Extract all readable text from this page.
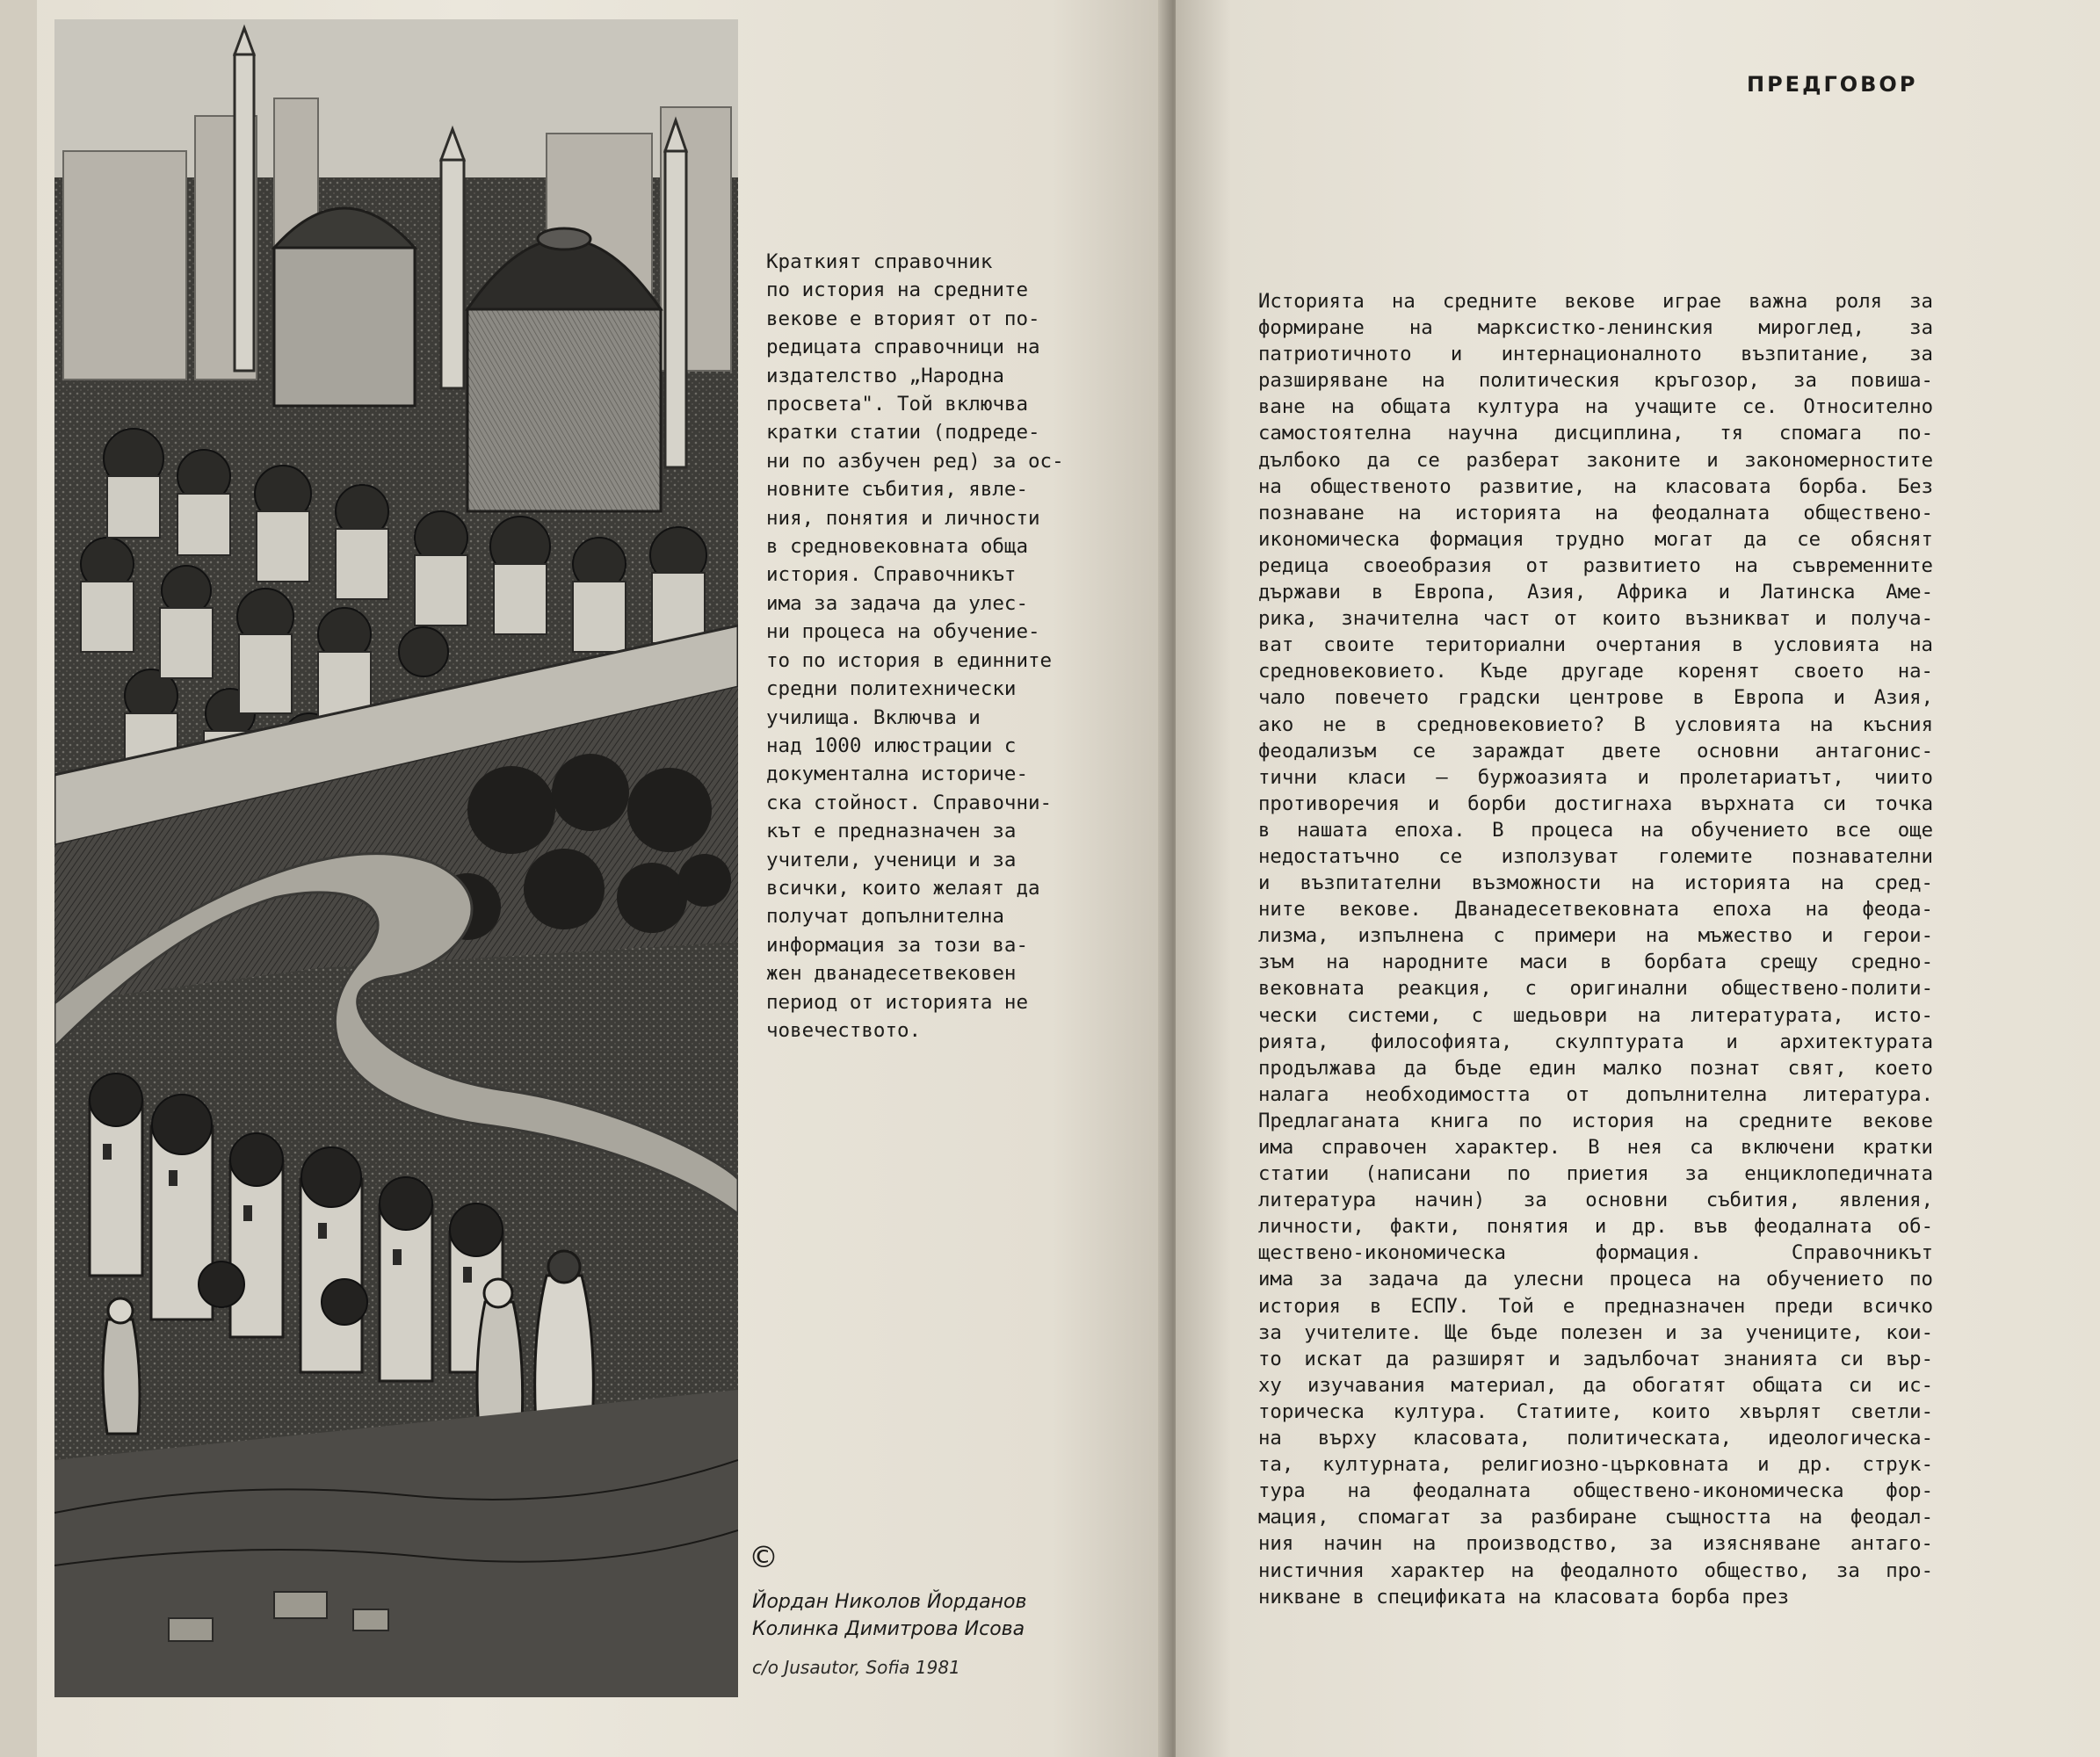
Краткият справочник
по история на средните
векове е вторият от по-
редицата справочници на
издателство „Народна
просвета". Той включва
кратки статии (подреде-
ни по азбучен ред) за ос-
новните събития, явле-
ния, понятия и личности
в средновековната обща
история. Справочникът
има за задача да улес-
ни процеса на обучение-
то по история в единните
средни политехнически
училища. Включва и
над 1000 илюстрации с
документална историче-
ска стойност. Справочни-
кът е предназначен за
учители, ученици и за
всички, които желаят да
получат допълнителна
информация за този ва-
жен дванадесетвековен
период от историята не
човечеството.
©
Йордан Николов Йорданов
Колинка Димитрова Исова
c/o Jusautor, Sofia 1981
ПРЕДГОВОР
Историята на средните векове играе важна роля за
формиране на марксистко-ленинския мироглед, за
патриотичното и интернационалното възпитание, за
разширяване на политическия кръгозор, за повиша-
ване на общата култура на учащите се. Относително
самостоятелна научна дисциплина, тя спомага по-
дълбоко да се разберат законите и закономерностите
на общественото развитие, на класовата борба. Без
познаване на историята на феодалната обществено-
икономическа формация трудно могат да се обяснят
редица своеобразия от развитието на съвременните
държави в Европа, Азия, Африка и Латинска Аме-
рика, значителна част от които възникват и получа-
ват своите териториални очертания в условията на
средновековието. Къде другаде коренят своето на-
чало повечето градски центрове в Европа и Азия,
ако не в средновековието? В условията на късния
феодализъм се зараждат двете основни антагонис-
тични класи — буржоазията и пролетариатът, чиито
противоречия и борби достигнаха върхната си точка
в нашата епоха. В процеса на обучението все още
недостатъчно се използуват големите познавателни
и възпитателни възможности на историята на сред-
ните векове. Дванадесетвековната епоха на феода-
лизма, изпълнена с примери на мъжество и герои-
зъм на народните маси в борбата срещу средно-
вековната реакция, с оригинални обществено-полити-
чески системи, с шедьоври на литературата, исто-
рията, философията, скулптурата и архитектурата
продължава да бъде един малко познат свят, което
налага необходимостта от допълнителна литература.
Предлаганата книга по история на средните векове
има справочен характер. В нея са включени кратки
статии (написани по приетия за енциклопедичната
литература начин) за основни събития, явления,
личности, факти, понятия и др. във феодалната об-
ществено-икономическа формация. Справочникът
има за задача да улесни процеса на обучението по
история в ЕСПУ. Той е предназначен преди всичко
за учителите. Ще бъде полезен и за учениците, кои-
то искат да разширят и задълбочат знанията си вър-
ху изучавания материал, да обогатят общата си ис-
торическа култура. Статиите, които хвърлят светли-
на върху класовата, политическата, идеологическа-
та, културната, религиозно-църковната и др. струк-
тура на феодалната обществено-икономическа фор-
мация, спомагат за разбиране същността на феодал-
ния начин на производство, за изясняване антаго-
нистичния характер на феодалното общество, за про-
никване в спецификата на класовата борба през
